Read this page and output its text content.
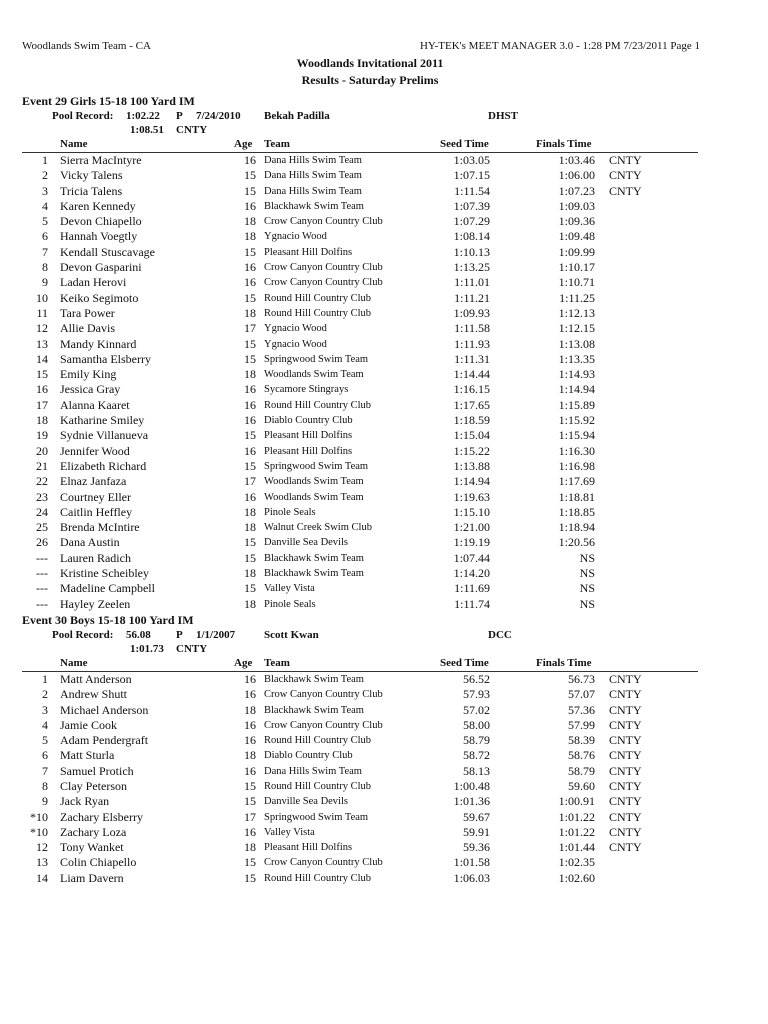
Woodlands Swim Team - CA	HY-TEK's MEET MANAGER 3.0 - 1:28 PM 7/23/2011 Page 1
Woodlands Invitational 2011
Results - Saturday Prelims
Event 29 Girls 15-18 100 Yard IM
Pool Record: 1:02.22 P 7/24/2010 Bekah Padilla	DHST
1:08.51 CNTY
Name	Age Team	Seed Time	Finals Time
1 Sierra MacIntyre	16 Dana Hills Swim Team	1:03.05	1:03.46 CNTY
2 Vicky Talens	15 Dana Hills Swim Team	1:07.15	1:06.00 CNTY
3 Tricia Talens	15 Dana Hills Swim Team	1:11.54	1:07.23 CNTY
4 Karen Kennedy	16 Blackhawk Swim Team	1:07.39	1:09.03
5 Devon Chiapello	18 Crow Canyon Country Club	1:07.29	1:09.36
6 Hannah Voegtly	18 Ygnacio Wood	1:08.14	1:09.48
7 Kendall Stuscavage	15 Pleasant Hill Dolfins	1:10.13	1:09.99
8 Devon Gasparini	16 Crow Canyon Country Club	1:13.25	1:10.17
9 Ladan Herovi	16 Crow Canyon Country Club	1:11.01	1:10.71
10 Keiko Segimoto	15 Round Hill Country Club	1:11.21	1:11.25
11 Tara Power	18 Round Hill Country Club	1:09.93	1:12.13
12 Allie Davis	17 Ygnacio Wood	1:11.58	1:12.15
13 Mandy Kinnard	15 Ygnacio Wood	1:11.93	1:13.08
14 Samantha Elsberry	15 Springwood Swim Team	1:11.31	1:13.35
15 Emily King	18 Woodlands Swim Team	1:14.44	1:14.93
16 Jessica Gray	16 Sycamore Stingrays	1:16.15	1:14.94
17 Alanna Kaaret	16 Round Hill Country Club	1:17.65	1:15.89
18 Katharine Smiley	16 Diablo Country Club	1:18.59	1:15.92
19 Sydnie Villanueva	15 Pleasant Hill Dolfins	1:15.04	1:15.94
20 Jennifer Wood	16 Pleasant Hill Dolfins	1:15.22	1:16.30
21 Elizabeth Richard	15 Springwood Swim Team	1:13.88	1:16.98
22 Elnaz Janfaza	17 Woodlands Swim Team	1:14.94	1:17.69
23 Courtney Eller	16 Woodlands Swim Team	1:19.63	1:18.81
24 Caitlin Heffley	18 Pinole Seals	1:15.10	1:18.85
25 Brenda McIntire	18 Walnut Creek Swim Club	1:21.00	1:18.94
26 Dana Austin	15 Danville Sea Devils	1:19.19	1:20.56
--- Lauren Radich	15 Blackhawk Swim Team	1:07.44	NS
--- Kristine Scheibley	18 Blackhawk Swim Team	1:14.20	NS
--- Madeline Campbell	15 Valley Vista	1:11.69	NS
--- Hayley Zeelen	18 Pinole Seals	1:11.74	NS
Event 30 Boys 15-18 100 Yard IM
Pool Record: 56.08 P 1/1/2007	Scott Kwan	DCC
1:01.73 CNTY
Name	Age Team	Seed Time	Finals Time
1 Matt Anderson	16 Blackhawk Swim Team	56.52	56.73 CNTY
2 Andrew Shutt	16 Crow Canyon Country Club	57.93	57.07 CNTY
3 Michael Anderson	18 Blackhawk Swim Team	57.02	57.36 CNTY
4 Jamie Cook	16 Crow Canyon Country Club	58.00	57.99 CNTY
5 Adam Pendergraft	16 Round Hill Country Club	58.79	58.39 CNTY
6 Matt Sturla	18 Diablo Country Club	58.72	58.76 CNTY
7 Samuel Protich	16 Dana Hills Swim Team	58.13	58.79 CNTY
8 Clay Peterson	15 Round Hill Country Club	1:00.48	59.60 CNTY
9 Jack Ryan	15 Danville Sea Devils	1:01.36	1:00.91 CNTY
*10 Zachary Elsberry	17 Springwood Swim Team	59.67	1:01.22 CNTY
*10 Zachary Loza	16 Valley Vista	59.91	1:01.22 CNTY
12 Tony Wanket	18 Pleasant Hill Dolfins	59.36	1:01.44 CNTY
13 Colin Chiapello	15 Crow Canyon Country Club	1:01.58	1:02.35
14 Liam Davern	15 Round Hill Country Club	1:06.03	1:02.60
